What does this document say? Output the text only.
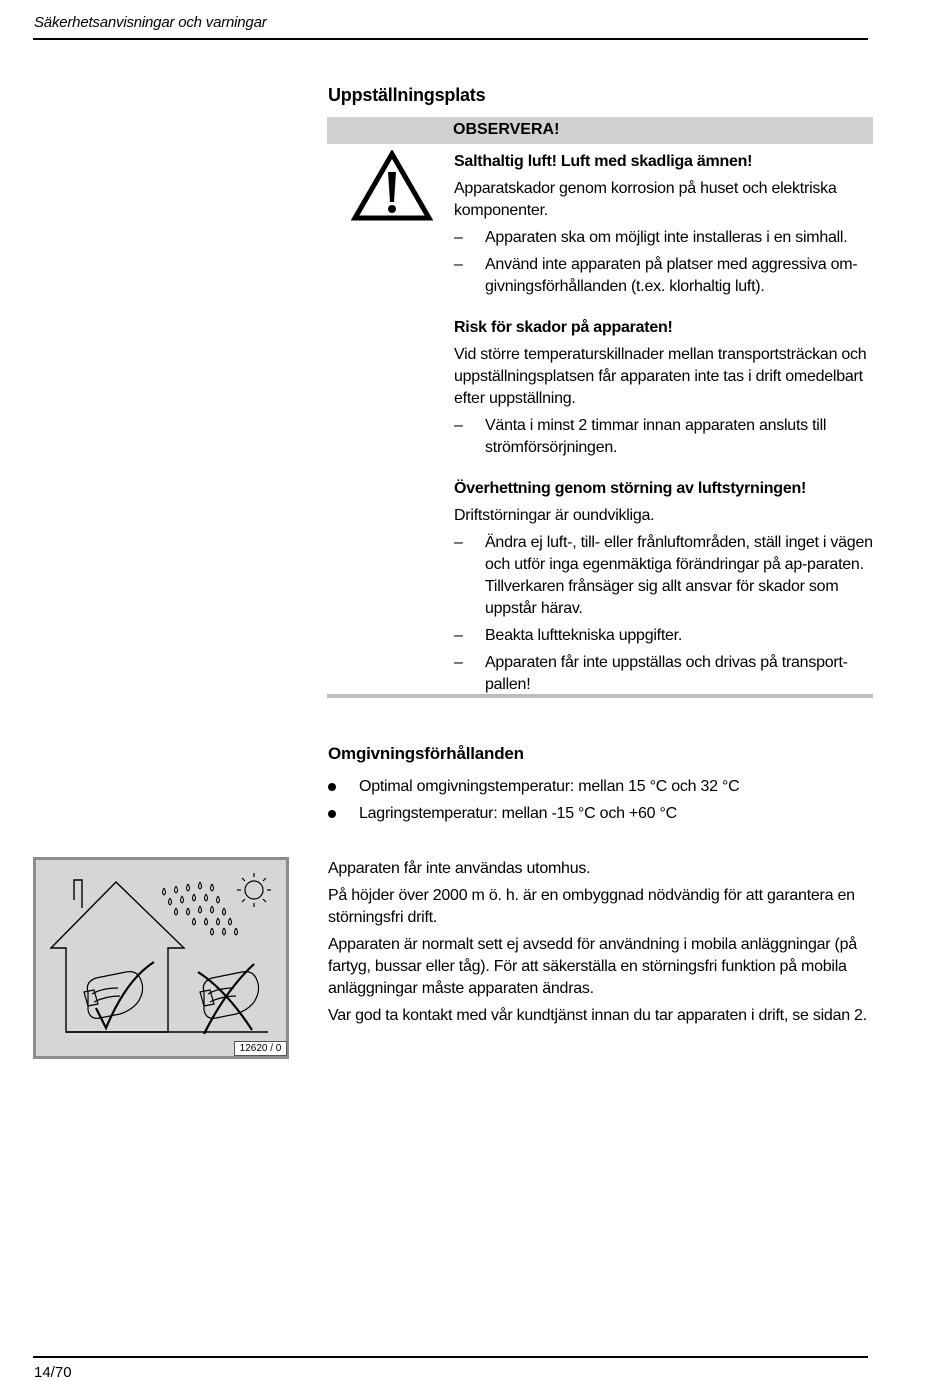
Säkerhetsanvisningar och varningar
Uppställningsplats
OBSERVERA!

Salthaltig luft! Luft med skadliga ämnen!

Apparatskador genom korrosion på huset och elektriska komponenter.

– Apparaten ska om möjligt inte installeras i en simhall.
– Använd inte apparaten på platser med aggressiva om-givningsförhållanden (t.ex. klorhaltig luft).

Risk för skador på apparaten!

Vid större temperaturskillnader mellan transportsträckan och uppställningsplatsen får apparaten inte tas i drift omedelbart efter uppställning.

– Vänta i minst 2 timmar innan apparaten ansluts till strömförsörjningen.

Överhettning genom störning av luftstyrningen!

Driftstörningar är oundvikliga.

– Ändra ej luft-, till- eller frånluftområden, ställ inget i vägen och utför inga egenmäktiga förändringar på ap-paraten. Tillverkaren frånsäger sig allt ansvar för skador som uppstår härav.
– Beakta lufttekniska uppgifter.
– Apparaten får inte uppställas och drivas på transport-pallen!
Omgivningsförhållanden
Optimal omgivningstemperatur: mellan 15 °C och 32 °C
Lagringstemperatur: mellan -15 °C och +60 °C
12620 / 0

Apparaten får inte användas utomhus.

På höjder över 2000 m ö. h. är en ombyggnad nödvändig för att garantera en störningsfri drift.

Apparaten är normalt sett ej avsedd för användning i mobila anläggningar (på fartyg, bussar eller tåg). För att säkerställa en störningsfri funktion på mobila anläggningar måste apparaten ändras.

Var god ta kontakt med vår kundtjänst innan du tar apparaten i drift, se sidan 2.

14/70
